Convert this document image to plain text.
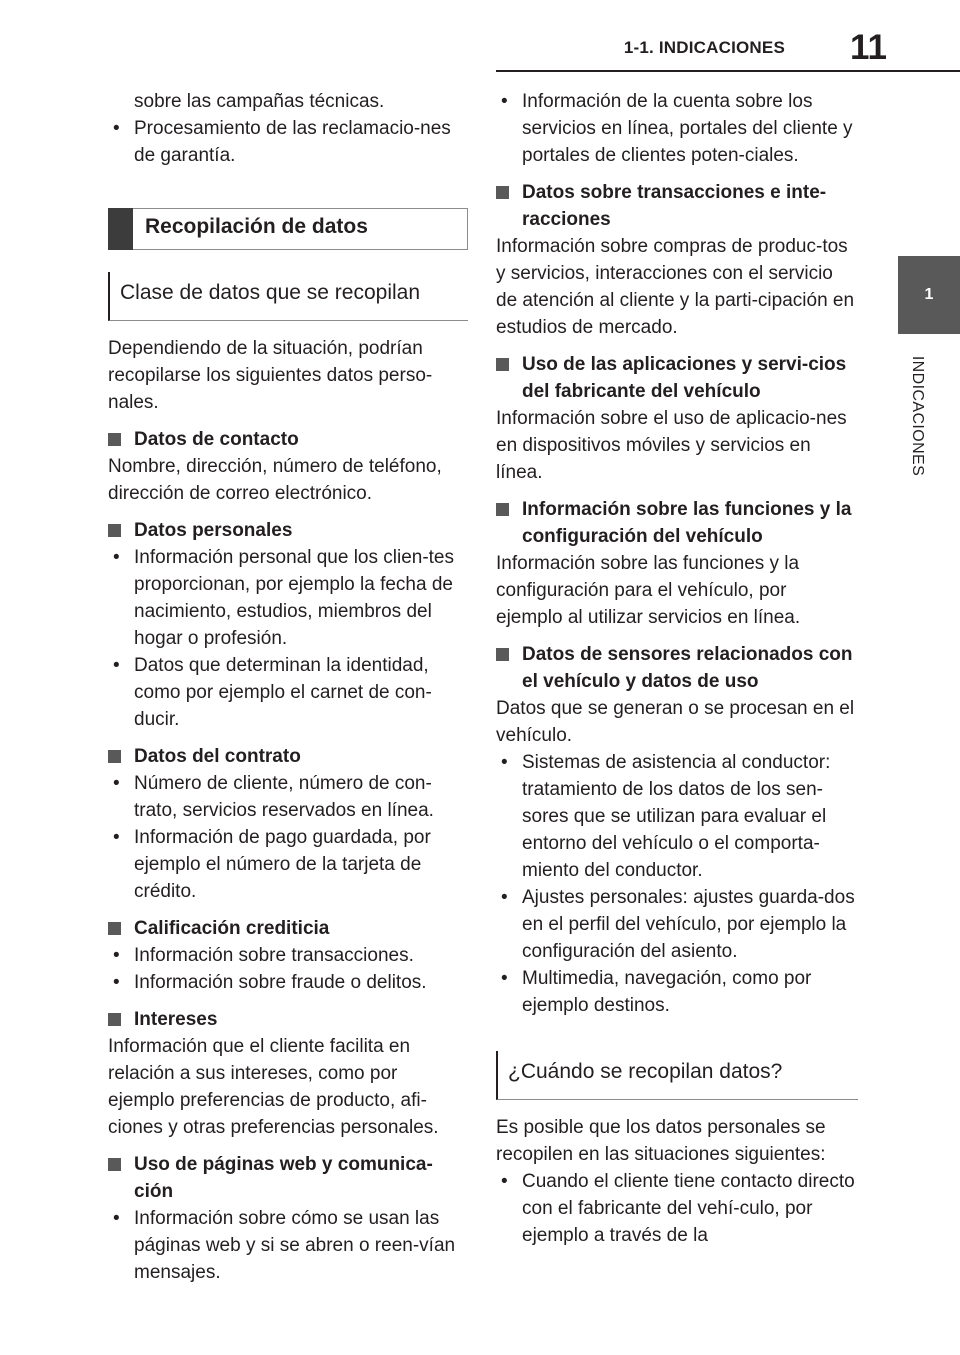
1-1. INDICACIONES 11
1
INDICACIONES
sobre las campañas técnicas.
• Procesamiento de las reclamacio-nes de garantía.
Recopilación de datos
Clase de datos que se recopilan

Dependiendo de la situación, podrían recopilarse los siguientes datos perso-nales.

Datos de contacto

Nombre, dirección, número de teléfono, dirección de correo electrónico.

Datos personales
• Información personal que los clien-tes proporcionan, por ejemplo la fecha de nacimiento, estudios, miembros del hogar o profesión.
• Datos que determinan la identidad, como por ejemplo el carnet de con-ducir.
Datos del contrato
• Número de cliente, número de con-trato, servicios reservados en línea.
• Información de pago guardada, por ejemplo el número de la tarjeta de crédito.
Calificación crediticia
• Información sobre transacciones.
• Información sobre fraude o delitos.
Intereses

Información que el cliente facilita en relación a sus intereses, como por ejemplo preferencias de producto, afi-ciones y otras preferencias personales.

Uso de páginas web y comunica-ción
• Información sobre cómo se usan las páginas web y si se abren o reen-vían mensajes.
• Información de la cuenta sobre los servicios en línea, portales del cliente y portales de clientes poten-ciales.
Datos sobre transacciones e inte-racciones

Información sobre compras de produc-tos y servicios, interacciones con el servicio de atención al cliente y la parti-cipación en estudios de mercado.

Uso de las aplicaciones y servi-cios del fabricante del vehículo

Información sobre el uso de aplicacio-nes en dispositivos móviles y servicios en línea.

Información sobre las funciones y la configuración del vehículo

Información sobre las funciones y la configuración para el vehículo, por ejemplo al utilizar servicios en línea.

Datos de sensores relacionados con el vehículo y datos de uso

Datos que se generan o se procesan en el vehículo.

• Sistemas de asistencia al conductor: tratamiento de los datos de los sen-sores que se utilizan para evaluar el entorno del vehículo o el comporta-miento del conductor.
• Ajustes personales: ajustes guarda-dos en el perfil del vehículo, por ejemplo la configuración del asiento.
• Multimedia, navegación, como por ejemplo destinos.
¿Cuándo se recopilan datos?

Es posible que los datos personales se recopilen en las situaciones siguientes:

• Cuando el cliente tiene contacto directo con el fabricante del vehí-culo, por ejemplo a través de la
